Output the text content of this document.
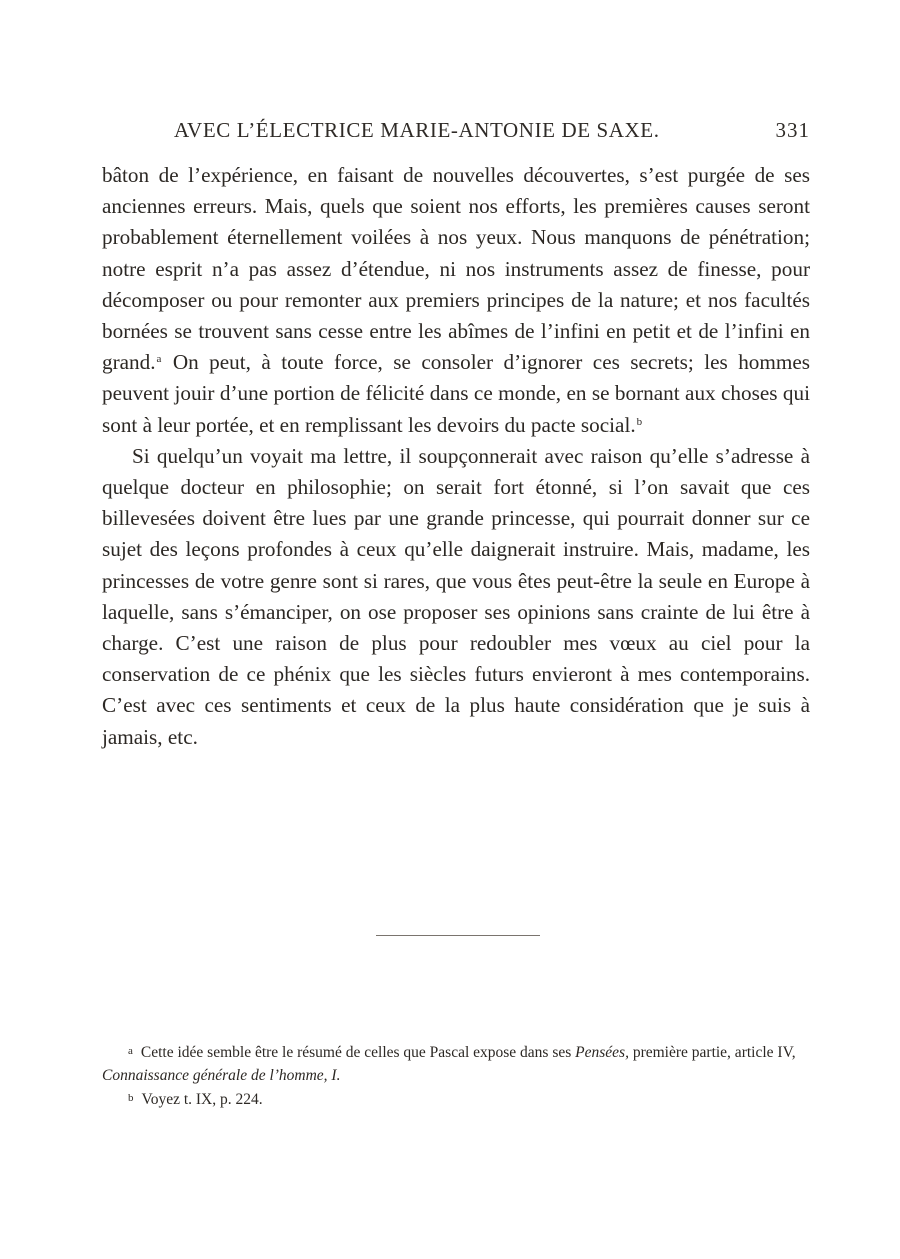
AVEC L’ÉLECTRICE MARIE-ANTONIE DE SAXE.	331

bâton de l’expérience, en faisant de nouvelles découvertes, s’est purgée de ses anciennes erreurs. Mais, quels que soient nos efforts, les premières causes seront probablement éternellement voilées à nos yeux. Nous manquons de pénétration; notre esprit n’a pas assez d’étendue, ni nos instruments assez de finesse, pour décomposer ou pour remonter aux premiers principes de la nature; et nos facultés bornées se trouvent sans cesse entre les abîmes de l’infini en petit et de l’infini en grand.$^a$ On peut, à toute force, se consoler d’ignorer ces secrets; les hommes peuvent jouir d’une portion de félicité dans ce monde, en se bornant aux choses qui sont à leur portée, et en remplissant les devoirs du pacte social.$^b$

Si quelqu’un voyait ma lettre, il soupçonnerait avec raison qu’elle s’adresse à quelque docteur en philosophie; on serait fort étonné, si l’on savait que ces billevesées doivent être lues par une grande princesse, qui pourrait donner sur ce sujet des leçons profondes à ceux qu’elle daignerait instruire. Mais, madame, les princesses de votre genre sont si rares, que vous êtes peut-être la seule en Europe à laquelle, sans s’émanciper, on ose proposer ses opinions sans crainte de lui être à charge. C’est une raison de plus pour redoubler mes vœux au ciel pour la conservation de ce phénix que les siècles futurs envieront à mes contemporains. C’est avec ces sentiments et ceux de la plus haute considération que je suis à jamais, etc.

a Cette idée semble être le résumé de celles que Pascal expose dans ses Pensées, première partie, article IV, Connaissance générale de l’homme, I.

b Voyez t. IX, p. 224.
